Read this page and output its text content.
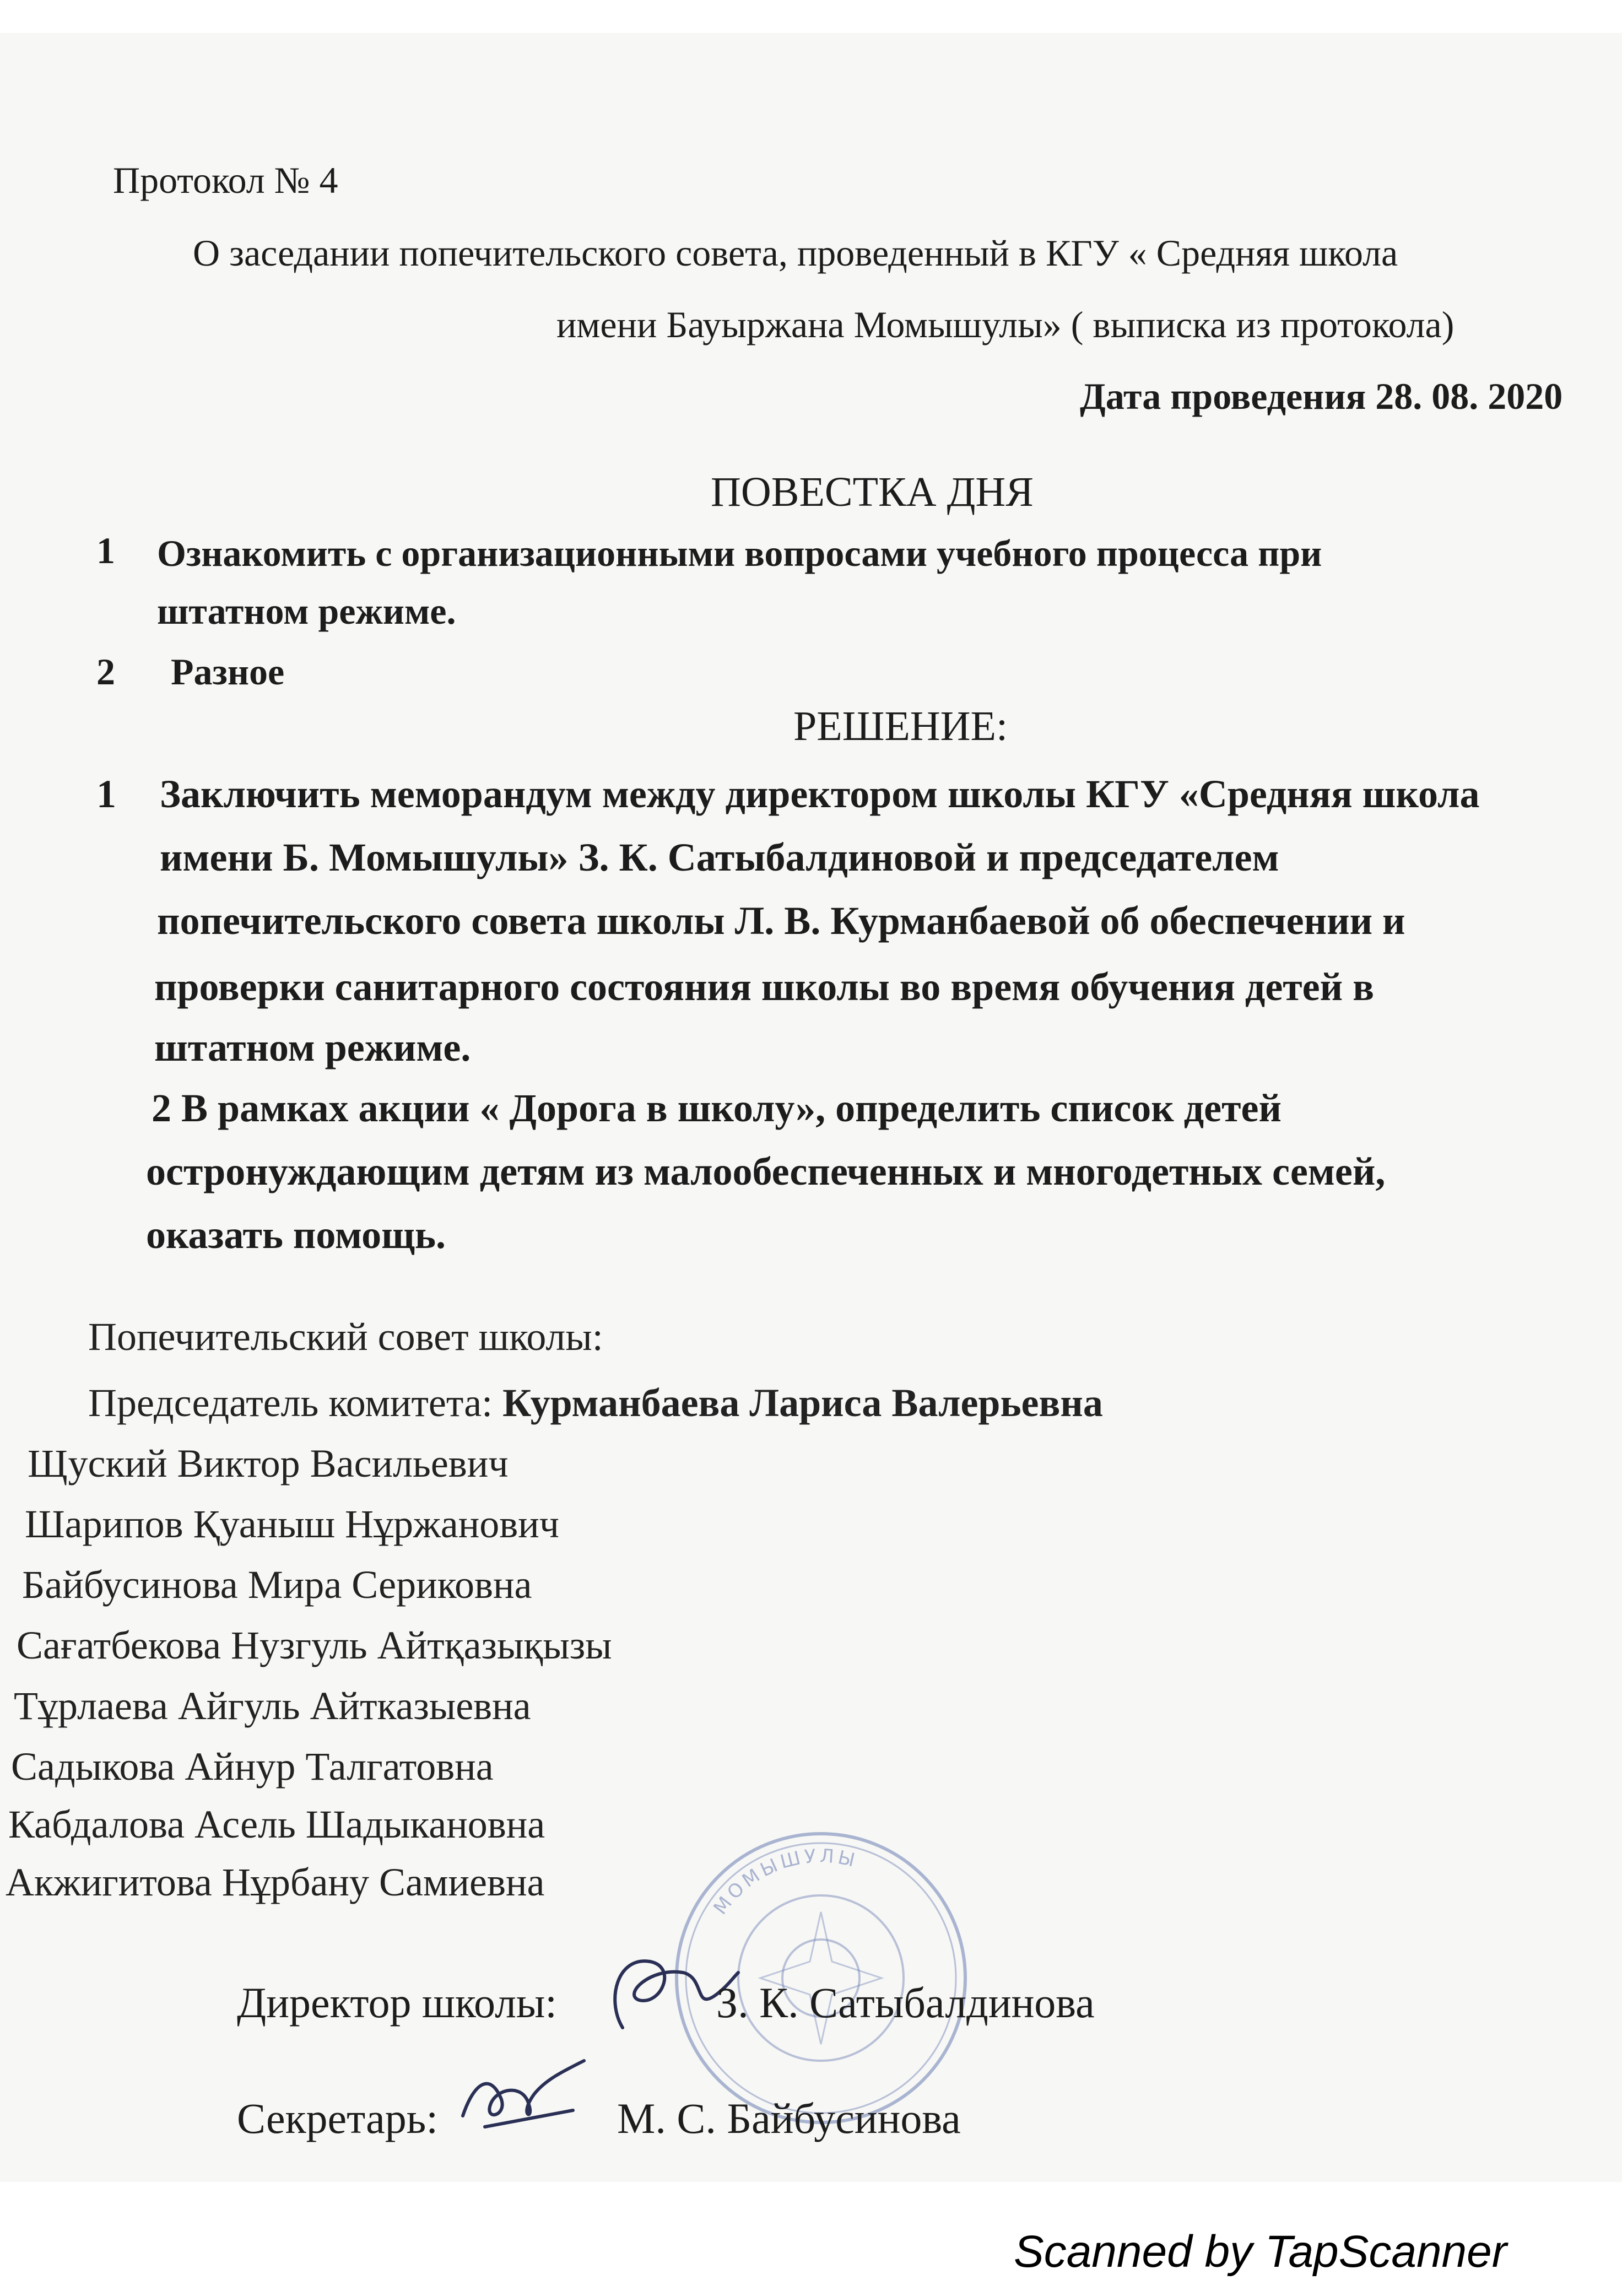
Протокол № 4
О заседании попечительского совета, проведенный в КГУ « Средняя школа
имени Бауыржана Момышулы» ( выписка из протокола)
Дата проведения 28. 08. 2020
ПОВЕСТКА ДНЯ
1 Ознакомить с организационными вопросами учебного процесса при
штатном режиме.
2 Разное
РЕШЕНИЕ:
1 Заключить меморандум между директором школы КГУ «Средняя школа
имени Б. Момышулы» З. К. Сатыбалдиновой и председателем
попечительского совета школы Л. В. Курманбаевой об обеспечении и
проверки санитарного состояния школы во время обучения детей в
штатном режиме.
2 В рамках акции « Дорога в школу», определить список детей
остронуждающим детям из малообеспеченных и многодетных семей,
оказать помощь.
Попечительский совет школы:
Председатель комитета: Курманбаева Лариса Валерьевна
Щуский Виктор Васильевич
Шарипов Қуаныш Нұржанович
Байбусинова Мира Сериковна
Сағатбекова Нузгуль Айтқазықызы
Тұрлаева Айгуль Айтказыевна
Садыкова Айнур Талгатовна
Кабдалова Асель Шадыкановна
Акжигитова Нұрбану Самиевна
МОМЫШУЛЫ
Директор школы:	З. К. Сатыбалдинова
Секретарь:	М. С. Байбусинова
Scanned by TapScanner
